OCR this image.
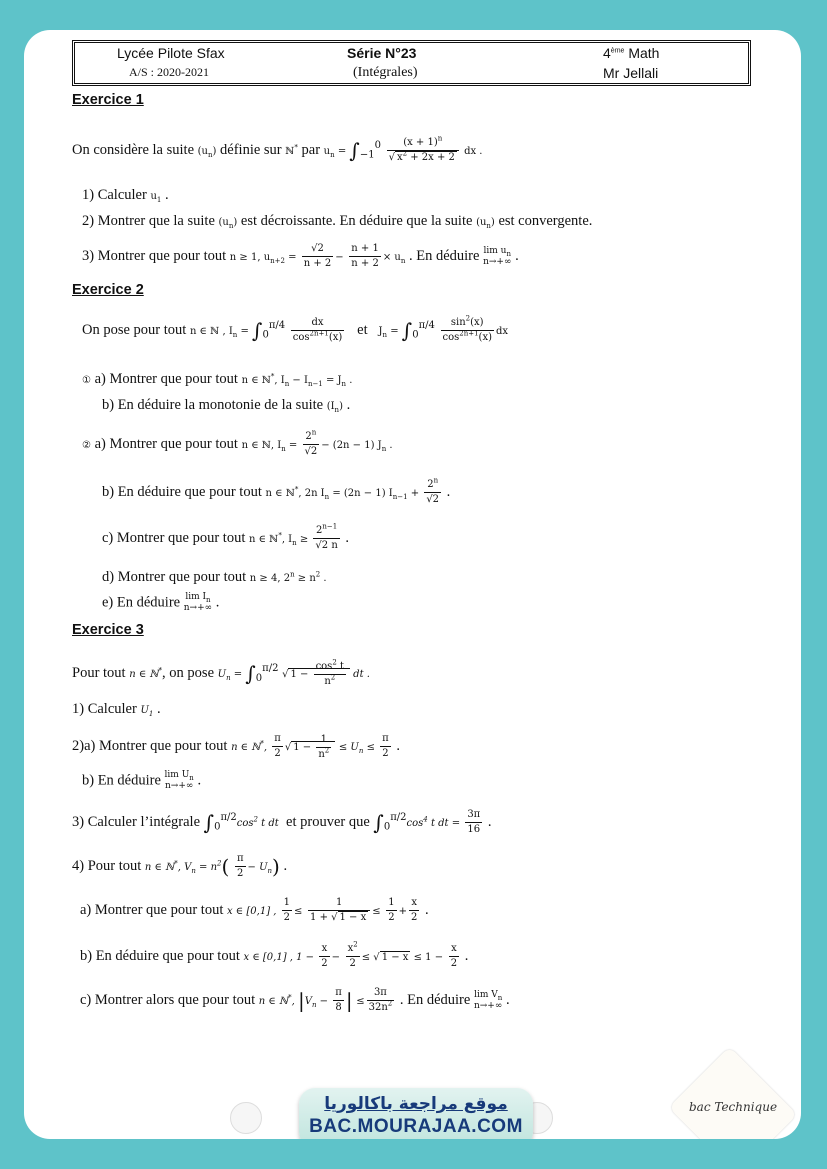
Lycée Pilote Sfax
A/S : 2020-2021
Série N°23
(Intégrales)
4ème Math
Mr Jellali
Exercice 1
On considère la suite $(u_n)$ définie sur ℕ* par $u_n = \int_{-1}^0 \frac{(x + 1)^n}{√ x^2 + 2x + 2}$ dx .
1) Calculer $u_1$ .
2) Montrer que la suite $(u_n)$ est décroissante. En déduire que la suite $(u_n)$ est convergente.
3) Montrer que pour tout n ≥ 1, $u_{n+2} = \frac{√2}{n + 2} - \frac{n + 1}{n + 2} \times u_n$ . En déduire $\lim u_n$
n→+∞ .
Exercice 2
On pose pour tout n ∈ ℕ , $I_n = \int_0^{\pi/4} \frac{dx}{\cos^{2n+1}(x)}$ et $J_n = \int_0^{\pi/4} \frac{\sin^2(x)}{\cos^{2n+1}(x)}$ dx
① a) Montrer que pour tout n ∈ ℕ*, $I_n - I_{n-1} = J_n$ .
b) En déduire la monotonie de la suite $(I_n)$ .
② a) Montrer que pour tout n ∈ ℕ, $I_n = \frac{2^n}{√2} - (2n - 1)$ $J_n$ .
b) En déduire que pour tout n ∈ ℕ*, 2n $I_n = (2n - 1) I_{n-1} + \frac{2^n}{√2}$ .
c) Montrer que pour tout n ∈ ℕ*, $I_n \ge \frac{2^{n-1}}{√2 n}$ .
d) Montrer que pour tout n ≥ 4, $2^n \ge n^2$ .
e) En déduire $\lim I_n$
n→+∞ .
Exercice 3
Pour tout n ∈ ℕ*, on pose $U_n = \int_0^{\pi/2}$ √ $1 - \frac{\cos^2 t}{n^2}$ dt .
1) Calculer $U_1$ .
2)a) Montrer que pour tout n ∈ ℕ*, $\frac{\pi}{2}$ √ $1 - \frac{1}{n^2} \le U_n \le \frac{\pi}{2}$ .
b) En déduire $\lim U_n$
n→+∞ .
3) Calculer l’intégrale $\int_0^{\pi/2}\cos^2$ t dt et prouver que $\int_0^{\pi/2}\cos^4$ t dt = $\frac{3\pi}{16}$ .
4) Pour tout n ∈ ℕ*, $V_n = n^2( \frac{\pi}{2} - U_n)$ .
a) Montrer que pour tout x ∈ [0,1] , $\frac{1}{2} \le \frac{1}{1 + √ 1 - x} \le \frac{1}{2} + \frac{x}{2}$ .
b) En déduire que pour tout x ∈ [0,1] , $1 - \frac{x}{2} - \frac{x^2}{2}$ ≤ √ $1 - x \le 1 - \frac{x}{2}$ .
c) Montrer alors que pour tout n ∈ ℕ*, $|V_n - \frac{\pi}{8}$ | ≤ $\frac{3\pi}{32n^2}$ . En déduire $\lim V_n$
n→+∞ .
موقع مراجعة باكالوريا
BAC.MOURAJAA.COM
bac Technique
